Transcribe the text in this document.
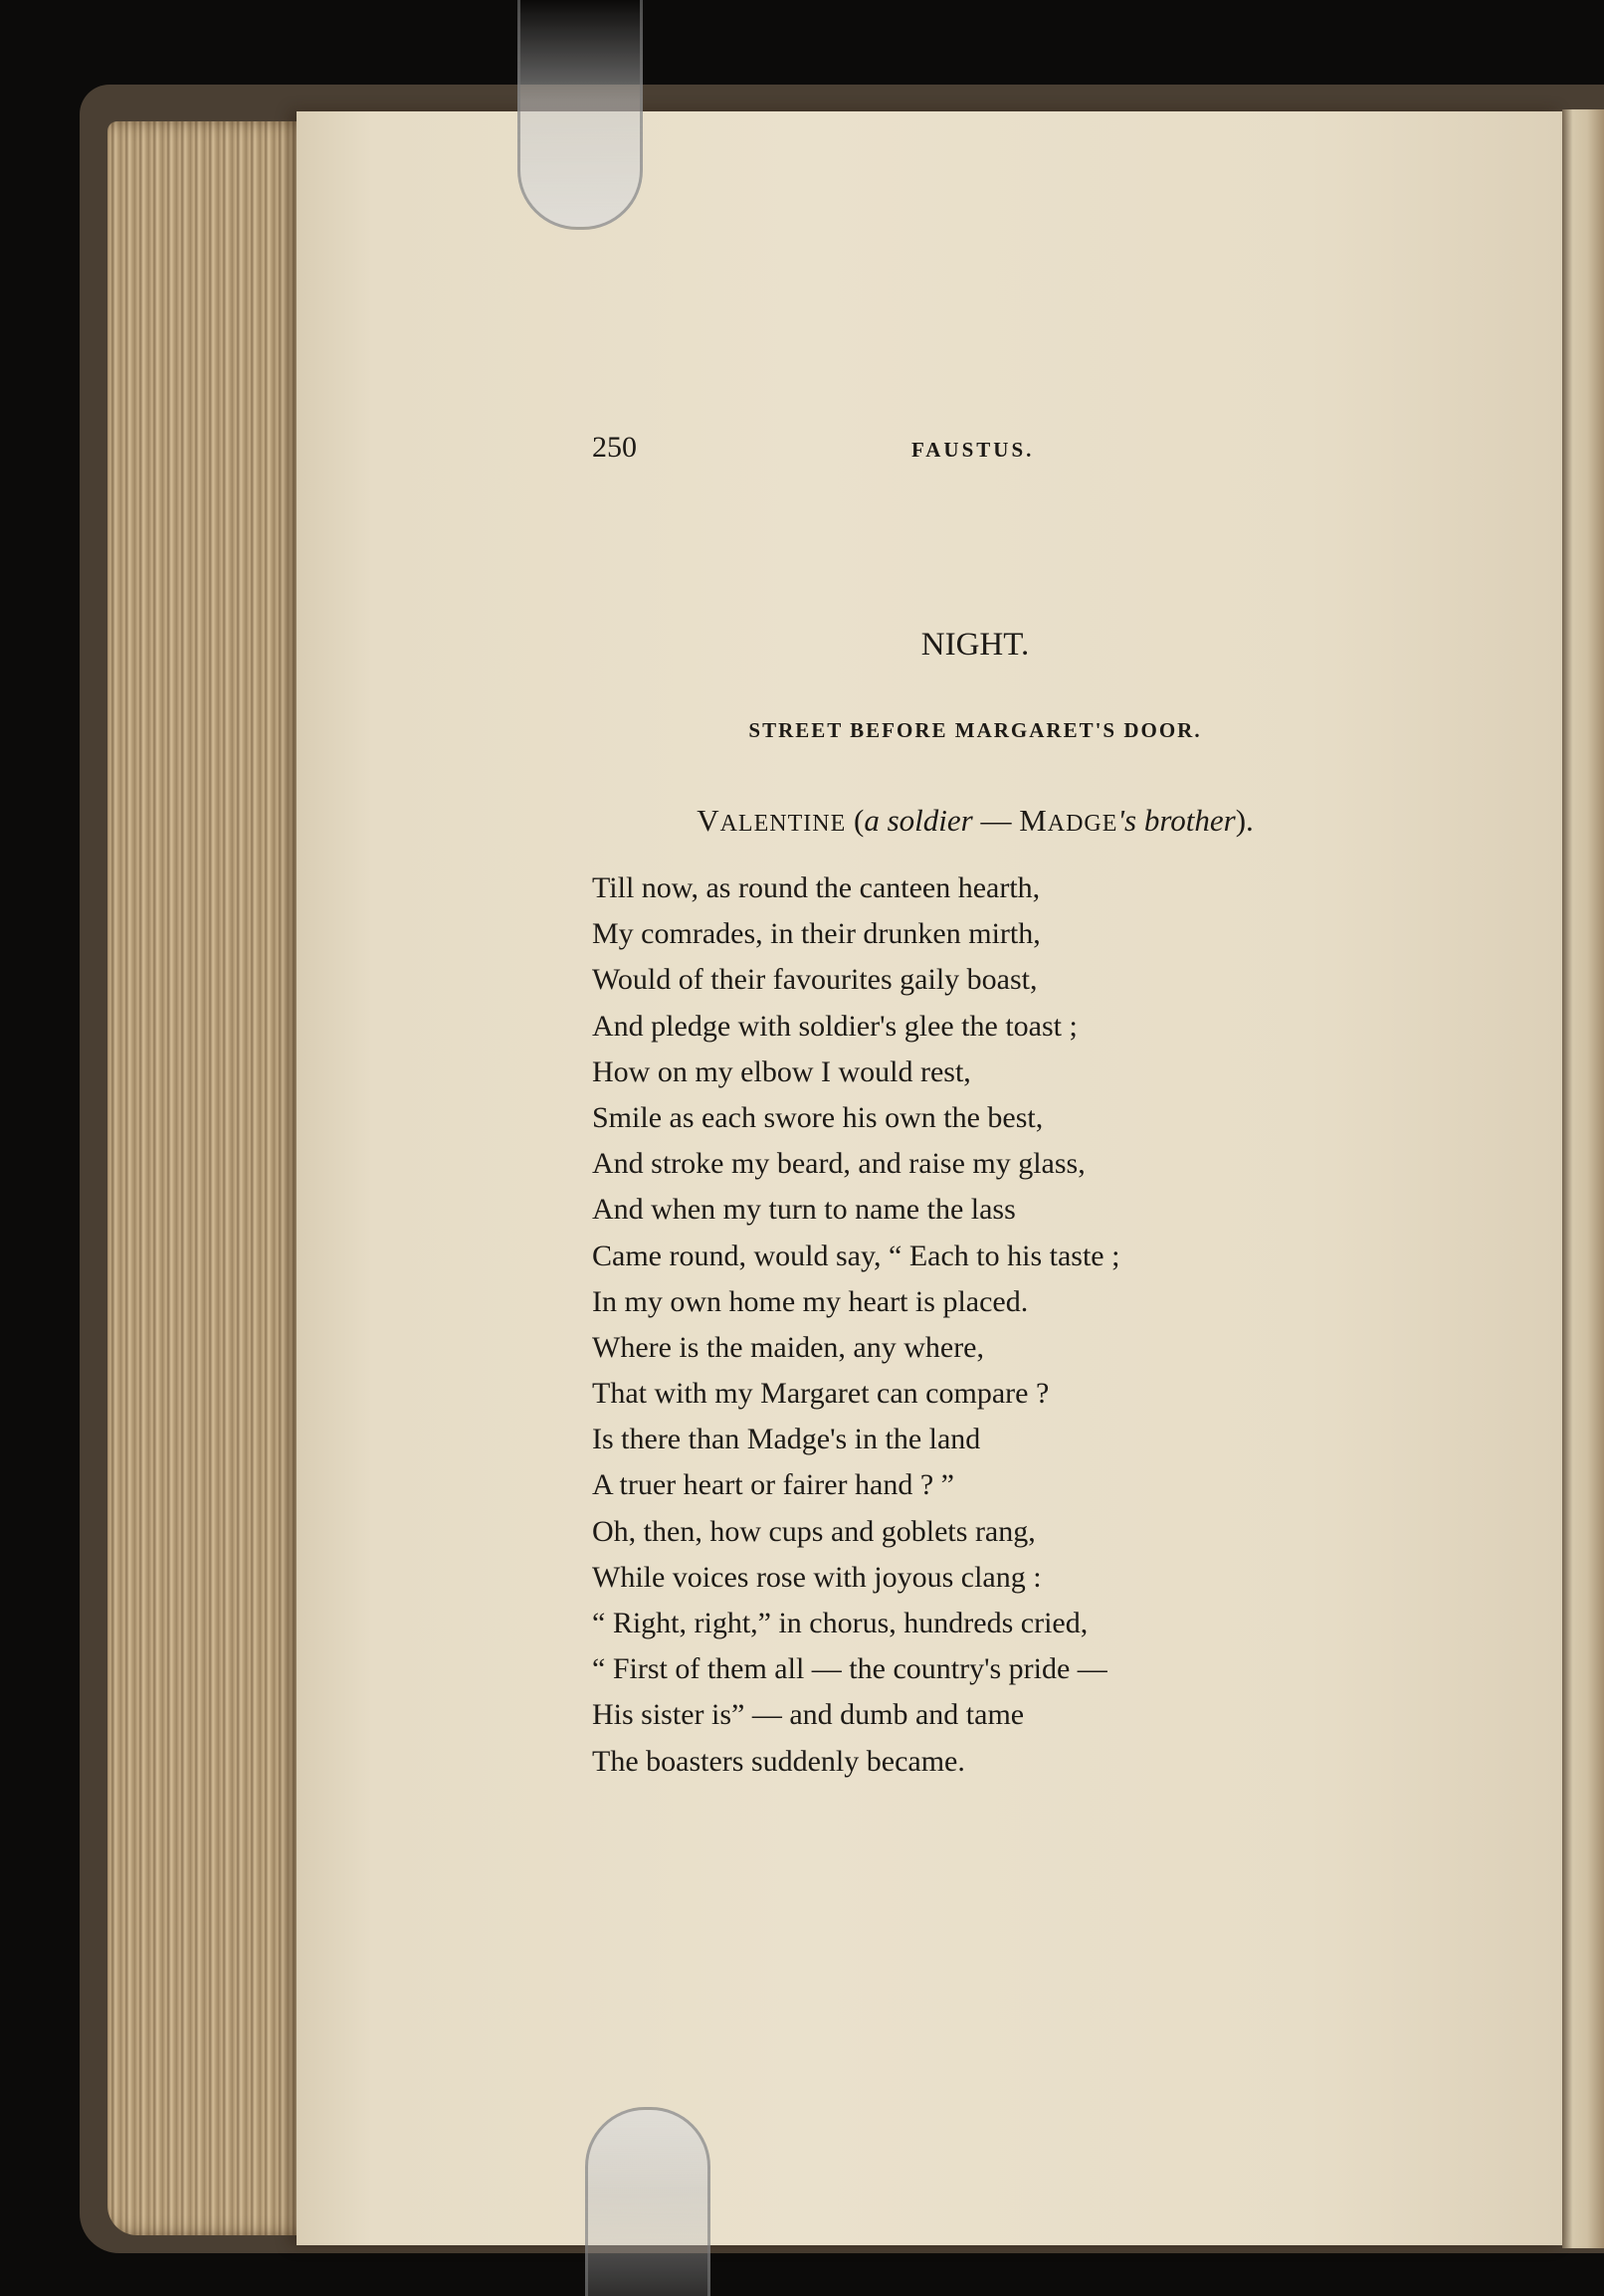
250	FAUSTUS.

NIGHT.

STREET BEFORE MARGARET'S DOOR.

VALENTINE (a soldier — MADGE's brother).

Till now, as round the canteen hearth,
My comrades, in their drunken mirth,
Would of their favourites gaily boast,
And pledge with soldier's glee the toast ;
How on my elbow I would rest,
Smile as each swore his own the best,
And stroke my beard, and raise my glass,
And when my turn to name the lass
Came round, would say, “ Each to his taste ;
In my own home my heart is placed.
Where is the maiden, any where,
That with my Margaret can compare ?
Is there than Madge's in the land
A truer heart or fairer hand ? ”
Oh, then, how cups and goblets rang,
While voices rose with joyous clang :
“ Right, right,” in chorus, hundreds cried,
“ First of them all — the country's pride —
His sister is” — and dumb and tame
The boasters suddenly became.
